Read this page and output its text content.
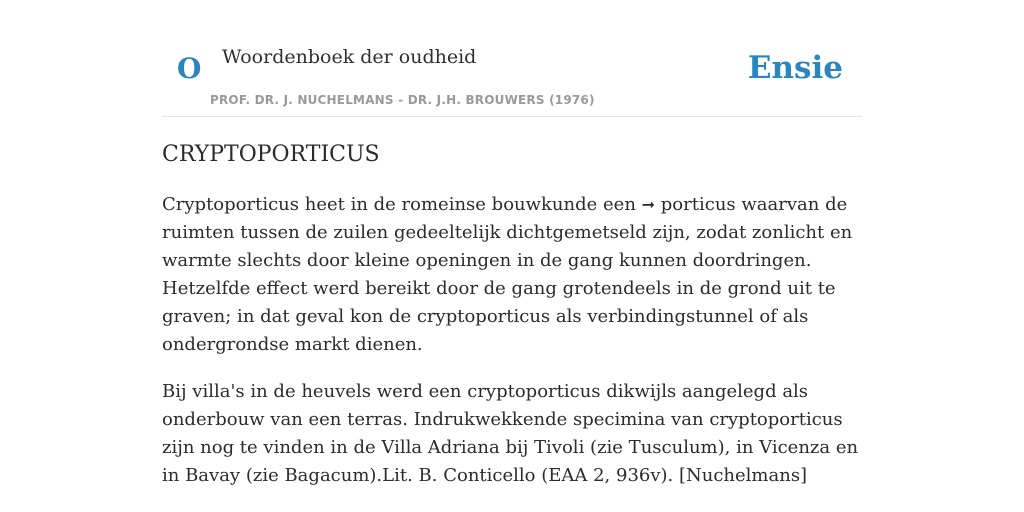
O Woordenboek der oudheid
PROF. DR. J. NUCHELMANS - DR. J.H. BROUWERS (1976)
Ensie
CRYPTOPORTICUS

Cryptoporticus heet in de romeinse bouwkunde een ➞ porticus waarvan de ruimten tussen de zuilen gedeeltelijk dichtgemetseld zijn, zodat zonlicht en warmte slechts door kleine openingen in de gang kunnen doordringen. Hetzelfde effect werd bereikt door de gang grotendeels in de grond uit te graven; in dat geval kon de cryptoporticus als verbindingstunnel of als ondergrondse markt dienen.

Bij villa's in de heuvels werd een cryptoporticus dikwijls aangelegd als onderbouw van een terras. Indrukwekkende specimina van cryptoporticus zijn nog te vinden in de Villa Adriana bij Tivoli (zie Tusculum), in Vicenza en in Bavay (zie Bagacum).Lit. B. Conticello (EAA 2, 936v). [Nuchelmans]
